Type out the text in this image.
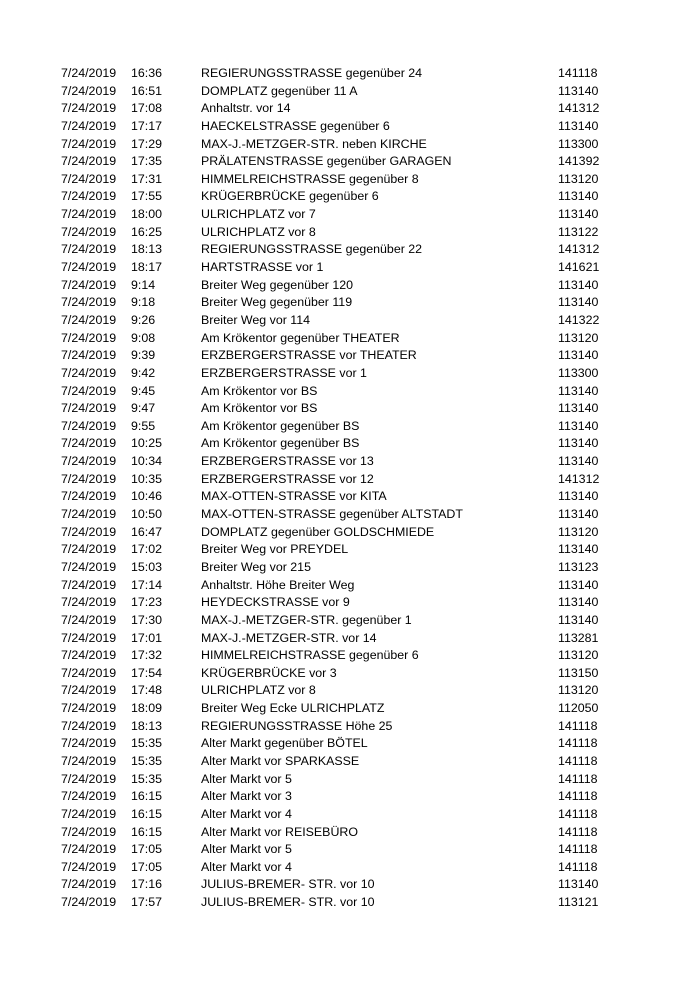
7/24/2019 16:36	REGIERUNGSSTRASSE gegenüber 24	141118
7/24/2019 16:51	DOMPLATZ gegenüber 11 A	113140
7/24/2019 17:08	Anhaltstr. vor 14	141312
7/24/2019 17:17	HAECKELSTRASSE gegenüber 6	113140
7/24/2019 17:29	MAX-J.-METZGER-STR. neben KIRCHE	113300
7/24/2019 17:35	PRÄLATENSTRASSE gegenüber GARAGEN	141392
7/24/2019 17:31	HIMMELREICHSTRASSE gegenüber 8	113120
7/24/2019 17:55	KRÜGERBRÜCKE gegenüber 6	113140
7/24/2019 18:00	ULRICHPLATZ vor 7	113140
7/24/2019 16:25	ULRICHPLATZ vor 8	113122
7/24/2019 18:13	REGIERUNGSSTRASSE gegenüber 22	141312
7/24/2019 18:17	HARTSTRASSE vor 1	141621
7/24/2019 9:14	Breiter Weg gegenüber 120	113140
7/24/2019 9:18	Breiter Weg gegenüber 119	113140
7/24/2019 9:26	Breiter Weg vor 114	141322
7/24/2019 9:08	Am Krökentor gegenüber THEATER	113120
7/24/2019 9:39	ERZBERGERSTRASSE vor THEATER	113140
7/24/2019 9:42	ERZBERGERSTRASSE vor 1	113300
7/24/2019 9:45	Am Krökentor vor BS	113140
7/24/2019 9:47	Am Krökentor vor BS	113140
7/24/2019 9:55	Am Krökentor gegenüber BS	113140
7/24/2019 10:25	Am Krökentor gegenüber BS	113140
7/24/2019 10:34	ERZBERGERSTRASSE vor 13	113140
7/24/2019 10:35	ERZBERGERSTRASSE vor 12	141312
7/24/2019 10:46	MAX-OTTEN-STRASSE vor KITA	113140
7/24/2019 10:50	MAX-OTTEN-STRASSE gegenüber ALTSTADT	113140
7/24/2019 16:47	DOMPLATZ gegenüber GOLDSCHMIEDE	113120
7/24/2019 17:02	Breiter Weg vor PREYDEL	113140
7/24/2019 15:03	Breiter Weg vor 215	113123
7/24/2019 17:14	Anhaltstr. Höhe Breiter Weg	113140
7/24/2019 17:23	HEYDECKSTRASSE vor 9	113140
7/24/2019 17:30	MAX-J.-METZGER-STR. gegenüber 1	113140
7/24/2019 17:01	MAX-J.-METZGER-STR. vor 14	113281
7/24/2019 17:32	HIMMELREICHSTRASSE gegenüber 6	113120
7/24/2019 17:54	KRÜGERBRÜCKE vor 3	113150
7/24/2019 17:48	ULRICHPLATZ vor 8	113120
7/24/2019 18:09	Breiter Weg Ecke ULRICHPLATZ	112050
7/24/2019 18:13	REGIERUNGSSTRASSE Höhe 25	141118
7/24/2019 15:35	Alter Markt gegenüber BÖTEL	141118
7/24/2019 15:35	Alter Markt vor SPARKASSE	141118
7/24/2019 15:35	Alter Markt vor 5	141118
7/24/2019 16:15	Alter Markt vor 3	141118
7/24/2019 16:15	Alter Markt vor 4	141118
7/24/2019 16:15	Alter Markt vor REISEBÜRO	141118
7/24/2019 17:05	Alter Markt vor 5	141118
7/24/2019 17:05	Alter Markt vor 4	141118
7/24/2019 17:16	JULIUS-BREMER- STR. vor 10	113140
7/24/2019 17:57	JULIUS-BREMER- STR. vor 10	113121
